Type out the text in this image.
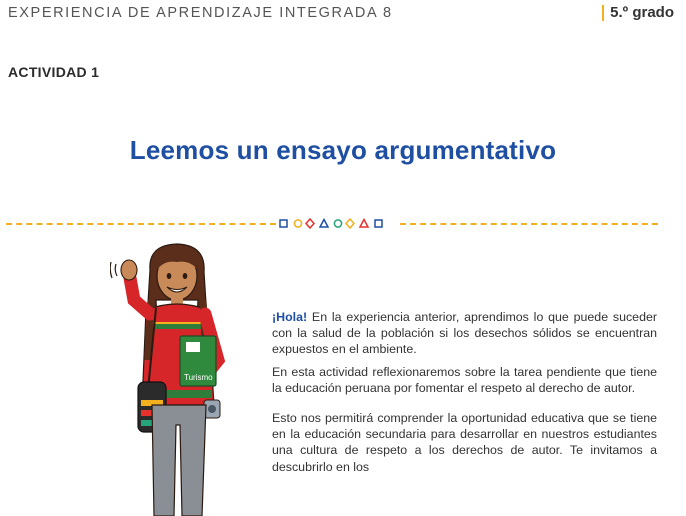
EXPERIENCIA DE APRENDIZAJE INTEGRADA 8	5.º grado
ACTIVIDAD 1
Leemos un ensayo argumentativo
Turismo

¡Hola! En la experiencia anterior, aprendimos lo que puede suceder con la salud de la población si los desechos sólidos se encuentran expuestos en el ambiente.

En esta actividad reflexionaremos sobre la tarea pendiente que tiene la educación peruana por fomentar el respeto al derecho de autor.

Esto nos permitirá comprender la oportunidad educativa que se tiene en la educación secundaria para desarrollar en nuestros estudiantes una cultura de respeto a los derechos de autor. Te invitamos a descubrirlo en los
